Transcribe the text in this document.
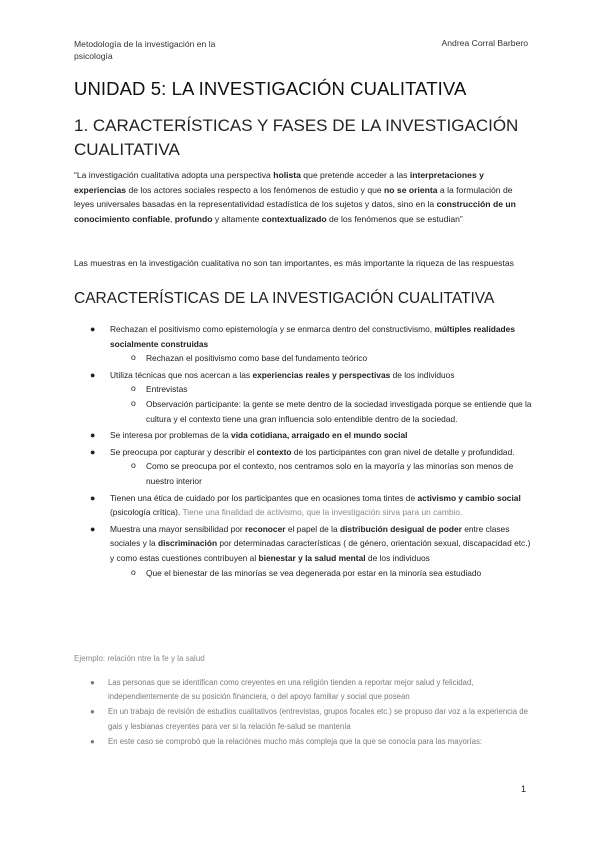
Metodología de la investigación en la psicología
Andrea Corral Barbero
UNIDAD 5: LA INVESTIGACIÓN CUALITATIVA
1. CARACTERÍSTICAS Y FASES DE LA INVESTIGACIÓN CUALITATIVA
“La investigación cualitativa adopta una perspectiva holista que pretende acceder a las interpretaciones y experiencias de los actores sociales respecto a los fenómenos de estudio y que no se orienta a la formulación de leyes universales basadas en la representatividad estadística de los sujetos y datos, sino en la construcción de un conocimiento confiable, profundo y altamente contextualizado de los fenómenos que se estudian”
Las muestras en la investigación cualitativa no son tan importantes, es más importante la riqueza de las respuestas
CARACTERÍSTICAS DE LA INVESTIGACIÓN CUALITATIVA
● Rechazan el positivismo como epistemología y se enmarca dentro del constructivismo, múltiples realidades socialmente construidas
o Rechazan el positivismo como base del fundamento teórico
● Utiliza técnicas que nos acercan a las experiencias reales y perspectivas de los individuos
o Entrevistas
o Observación participante: la gente se mete dentro de la sociedad investigada porque se entiende que la cultura y el contexto tiene una gran influencia solo entendible dentro de la sociedad.
● Se interesa por problemas de la vida cotidiana, arraigado en el mundo social
● Se preocupa por capturar y describir el contexto de los participantes con gran nivel de detalle y profundidad.
o Como se preocupa por el contexto, nos centramos solo en la mayoría y las minorías son menos de nuestro interior
● Tienen una ética de cuidado por los participantes que en ocasiones toma tintes de activismo y cambio social (psicología crítica). Tiene una finalidad de activismo, que la investigación sirva para un cambio.
● Muestra una mayor sensibilidad por reconocer el papel de la distribución desigual de poder entre clases sociales y la discriminación por determinadas características ( de género, orientación sexual, discapacidad etc.) y como estas cuestiones contribuyen al bienestar y la salud mental de los individuos
o Que el bienestar de las minorías se vea degenerada por estar en la minoría sea estudiado
Ejemplo: relación ntre la fe y la salud
● Las personas que se identifican como creyentes en una religión tienden a reportar mejor salud y felicidad, independientemente de su posición financiera, o del apoyo familiar y social que posean
● En un trabajo de revisión de estudios cualitativos (entrevistas, grupos focales etc.) se propuso dar voz a la experiencia de gais y lesbianas creyentes para ver si la relación fe-salud se mantenía
● En este caso se comprobó que la relaciónes mucho más compleja que la que se conocía para las mayorías:
1
